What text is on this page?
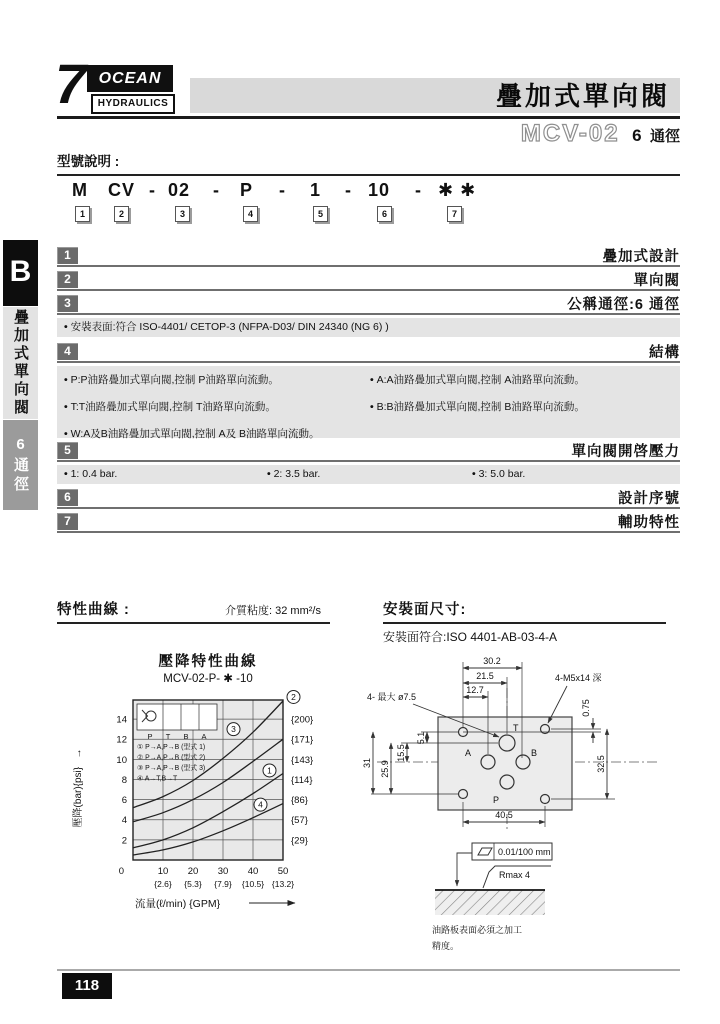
7 OCEAN
HYDRAULICS	疊加式單向閥
MCV-02 6 通徑
B
疊加式單向閥
6通徑
型號說明 :
M CV - 02 - P - 1 - 10 - ✱ ✱
1	2	3	4	5	6	7
1	疊加式設計
2	單向閥
3	公稱通徑:6 通徑
• 安裝表面:符合 ISO-4401/ CETOP-3 (NFPA-D03/ DIN 24340 (NG 6) )
4	結構
• P:P油路疊加式單向閥,控制 P油路單向流動。
• T:T油路疊加式單向閥,控制 T油路單向流動。
• W:A及B油路疊加式單向閥,控制 A及 B油路單向流動。
• A:A油路疊加式單向閥,控制 A油路單向流動。
• B:B油路疊加式單向閥,控制 B油路單向流動。
5	單向閥開啓壓力
• 1: 0.4 bar.	• 2: 3.5 bar.	• 3: 5.0 bar.
6	設計序號
7	輔助特性
特性曲線 :	介質粘度: 32 mm²/s	安裝面尺寸:
安裝面符合:ISO 4401-AB-03-4-A
壓降特性曲線
MCV-02-P- ✱ -10
2	{29}
4	{57}
6	{86}
8	{114}
10	{143}
12	{171}
14	{200}
0	10
{2.6}
20
{5.3}
30
{7.9}
40
{10.5}
50
{13.2}
2
3
1
4
P T B A
① P→A,P→B (型式 1)
② P→A,P→B (型式 2)
③ P→A,P→B (型式 3)
④ A→T,B→T
壓降(bar){psi}   →
流量(ℓ/min) {GPM}
T
A	B
P
30.2
21.5
12.7
4- 最大 ø7.5
4-M5x14 深
5.1
15.5
25.9
31
0.75
32.5
40.5
0.01/100 mm
Rmax 4
油路板表面必須之加工
精度。
118
